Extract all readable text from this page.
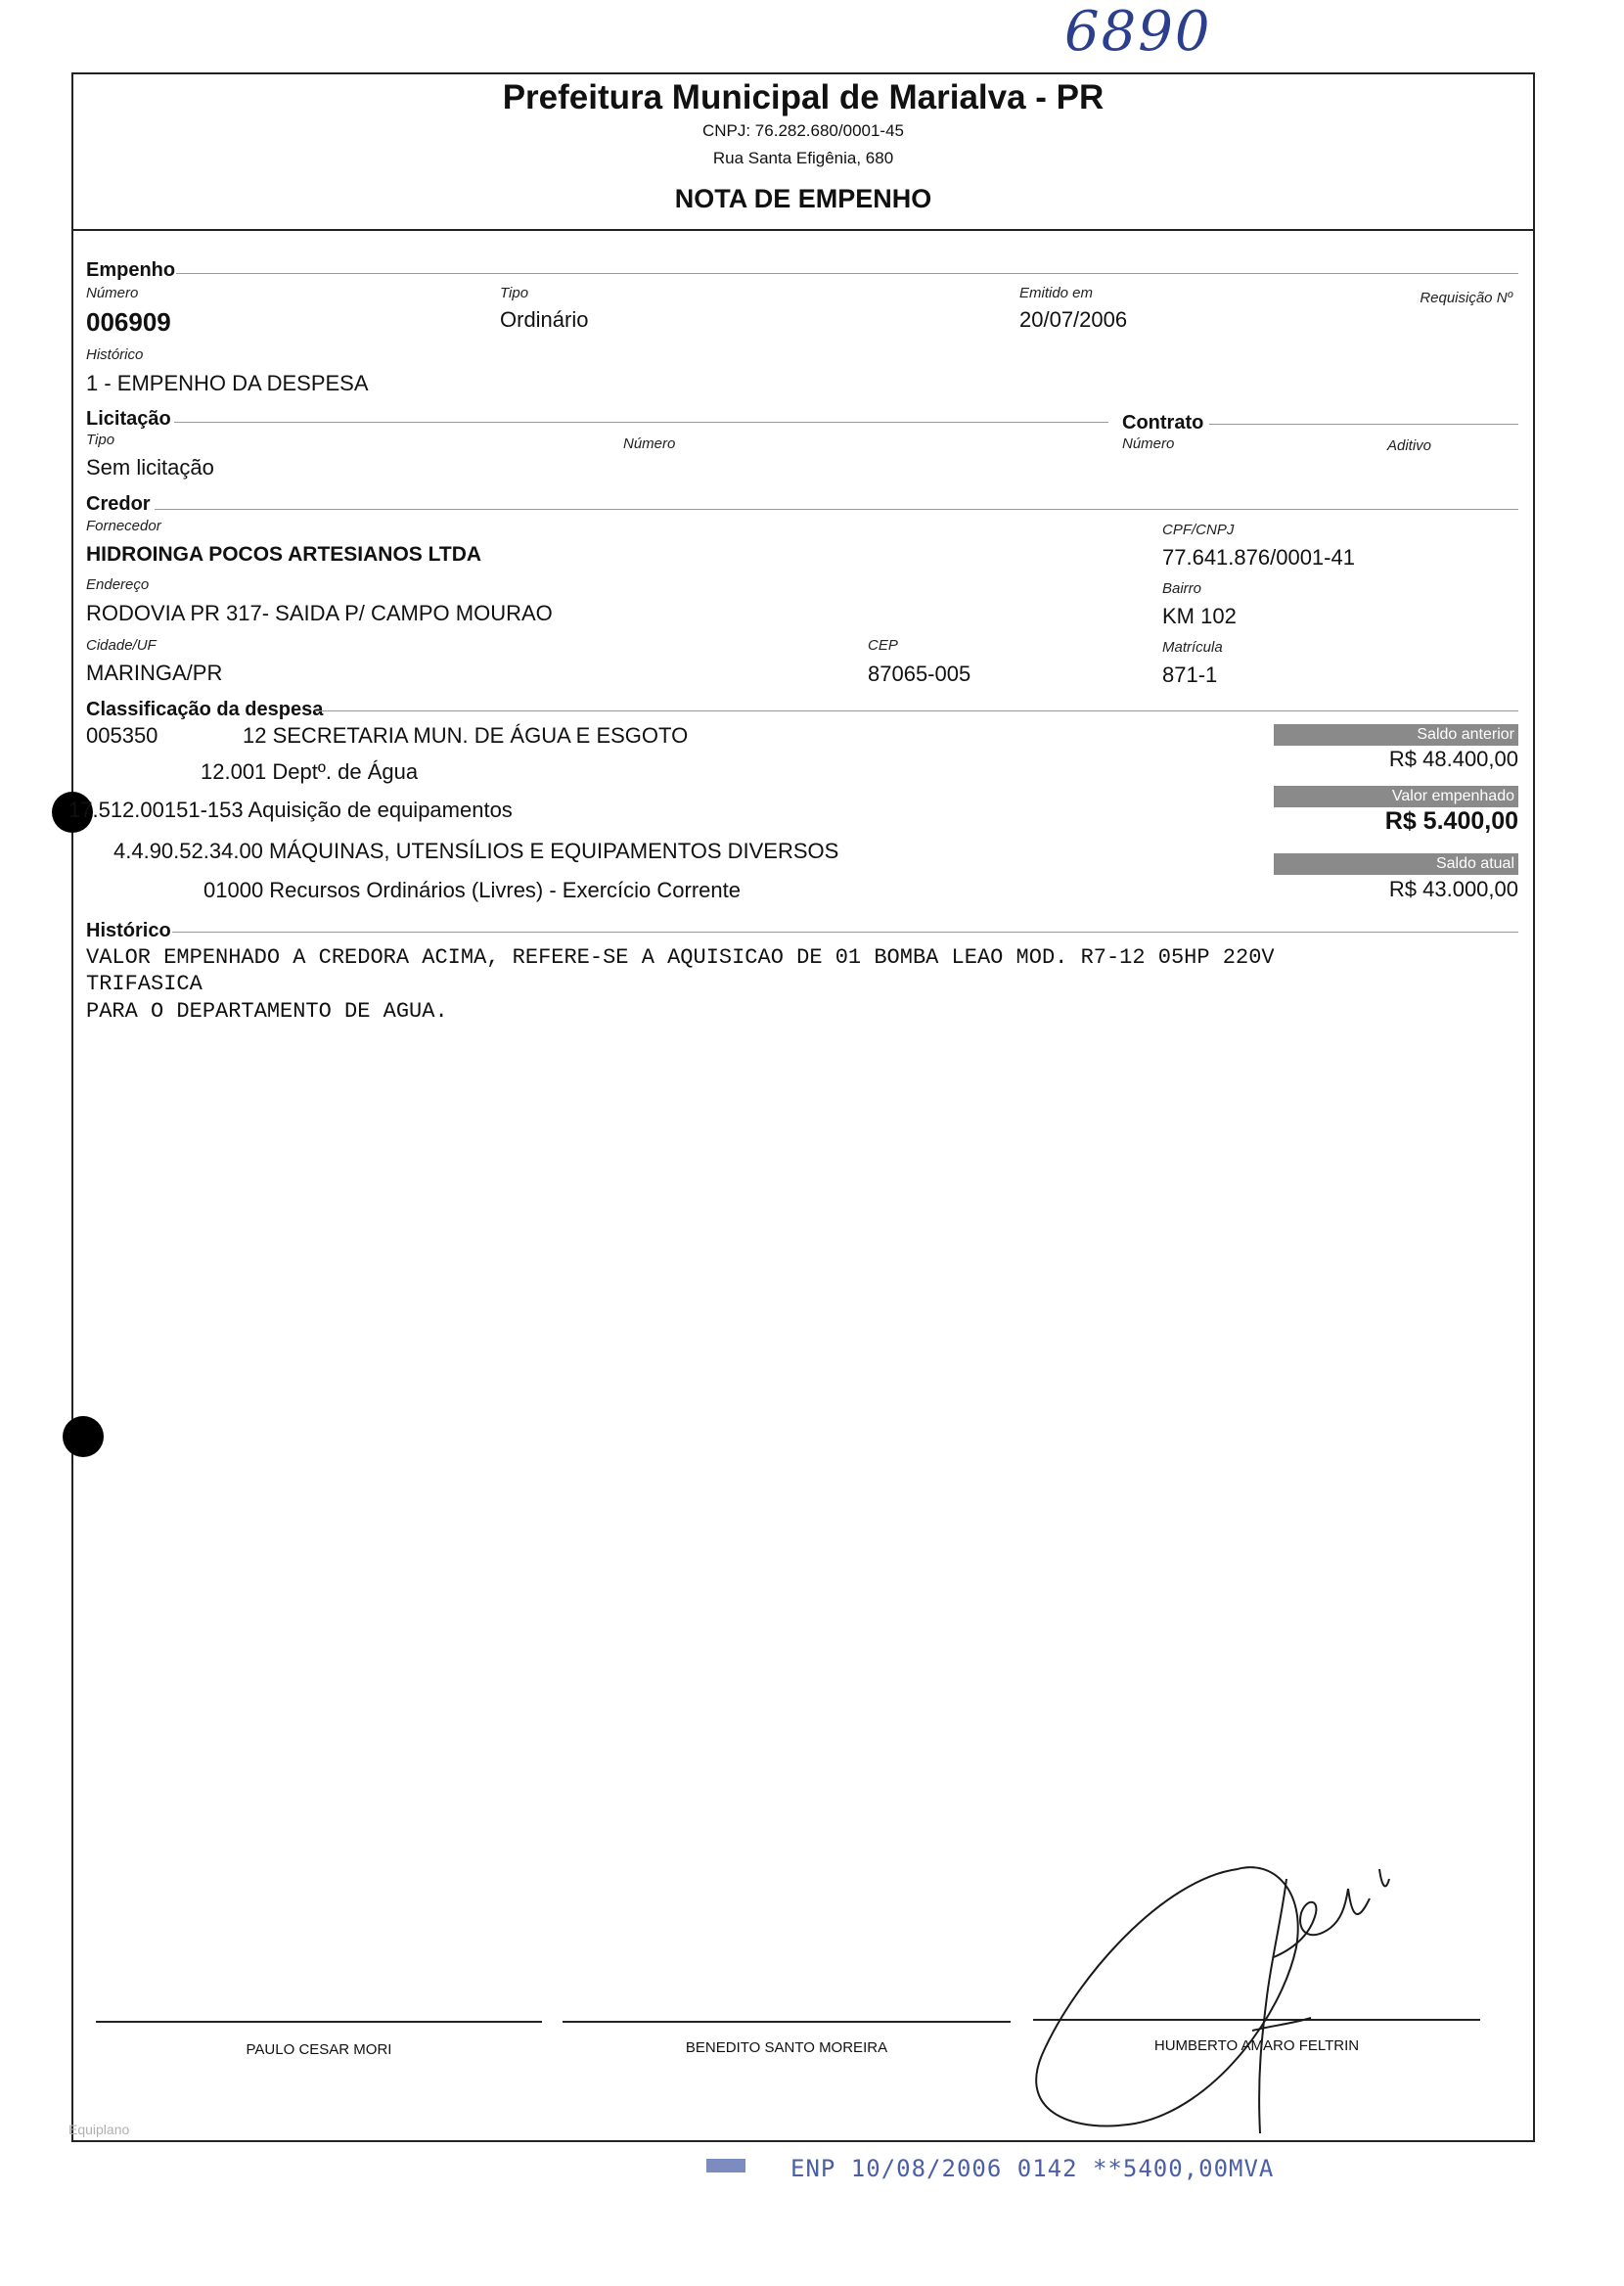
6890
Prefeitura Municipal de Marialva - PR
CNPJ: 76.282.680/0001-45
Rua Santa Efigênia, 680
NOTA DE EMPENHO
Empenho
Número
006909
Tipo
Ordinário
Emitido em
20/07/2006
Requisição Nº
Histórico
1 - EMPENHO DA DESPESA
Licitação	Contrato
Tipo
Sem licitação
Número	Número	Aditivo
Credor
Fornecedor
HIDROINGA POCOS ARTESIANOS LTDA
CPF/CNPJ
77.641.876/0001-41
Endereço
RODOVIA PR 317- SAIDA P/ CAMPO MOURAO
Bairro
KM 102
Cidade/UF
MARINGA/PR
CEP
87065-005
Matrícula
871-1
Classificação da despesa
005350	12 SECRETARIA MUN. DE ÁGUA E ESGOTO
12.001 Deptº. de Água
17.512.00151-153 Aquisição de equipamentos
4.4.90.52.34.00 MÁQUINAS, UTENSÍLIOS E EQUIPAMENTOS DIVERSOS
01000 Recursos Ordinários (Livres) - Exercício Corrente
Saldo anterior
R$ 48.400,00
Valor empenhado
R$ 5.400,00
Saldo atual
R$ 43.000,00
Histórico
VALOR EMPENHADO A CREDORA ACIMA, REFERE-SE A AQUISICAO DE 01 BOMBA LEAO MOD. R7-12 05HP 220V
TRIFASICA
PARA O DEPARTAMENTO DE AGUA.
PAULO CESAR MORI	BENEDITO SANTO MOREIRA	HUMBERTO AMARO FELTRIN
Equiplano
ENP 10/08/2006 0142 **5400,00MVA
